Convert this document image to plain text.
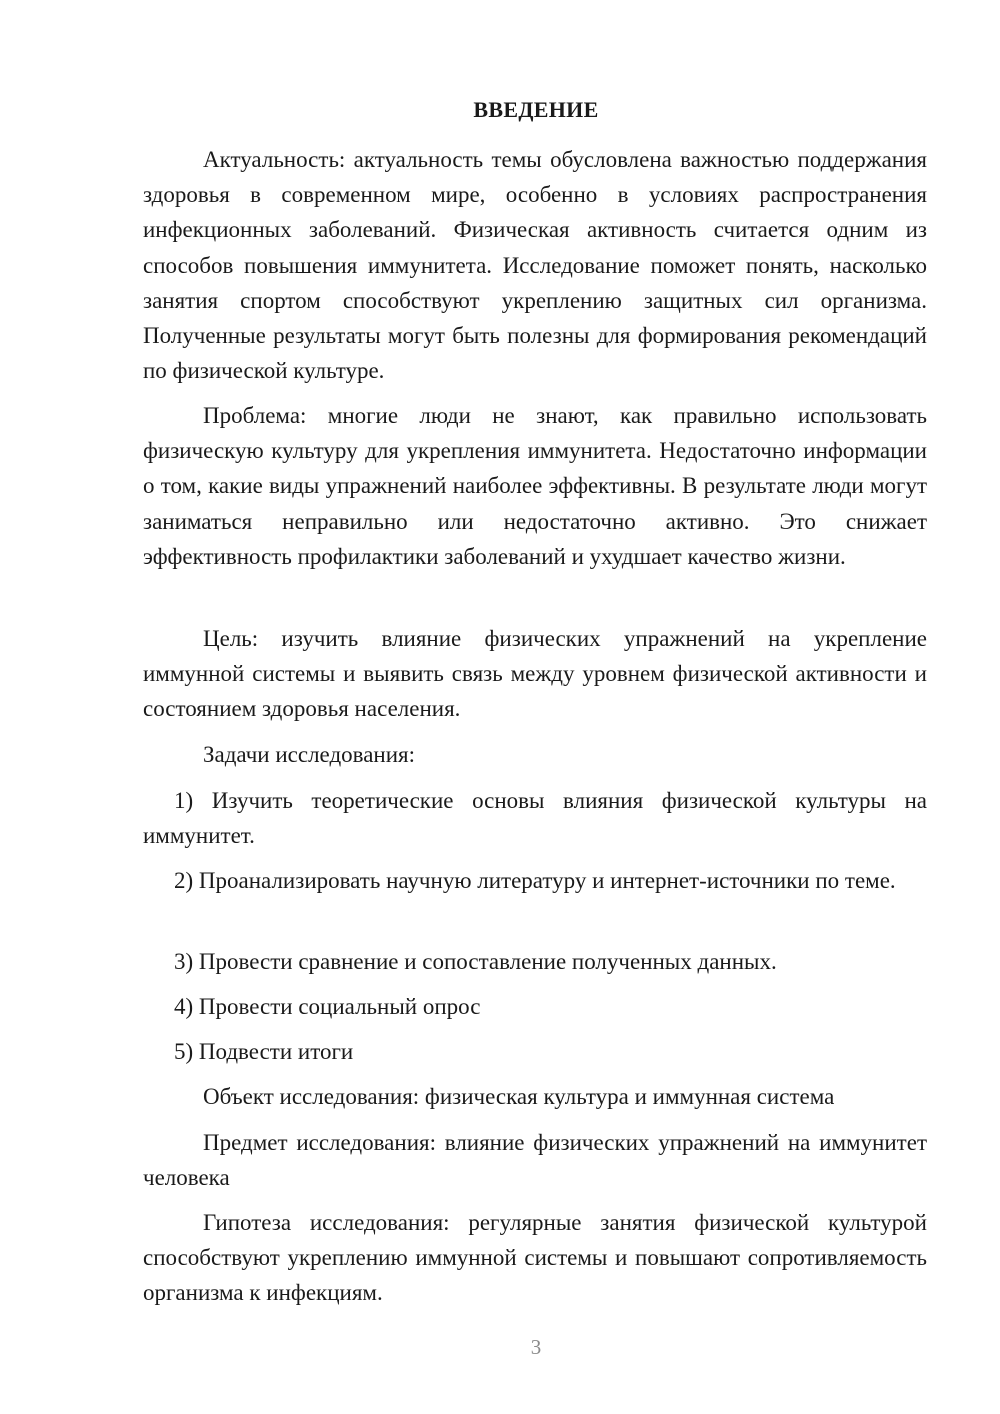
ВВЕДЕНИЕ

Актуальность: актуальность темы обусловлена важностью поддержания здоровья в современном мире, особенно в условиях распространения инфекционных заболеваний. Физическая активность считается одним из способов повышения иммунитета. Исследование поможет понять, насколько занятия спортом способствуют укреплению защитных сил организма. Полученные результаты могут быть полезны для формирования рекомендаций по физической культуре.

Проблема: многие люди не знают, как правильно использовать физическую культуру для укрепления иммунитета. Недостаточно информации о том, какие виды упражнений наиболее эффективны. В результате люди могут заниматься неправильно или недостаточно активно. Это снижает эффективность профилактики заболеваний и ухудшает качество жизни.

Цель: изучить влияние физических упражнений на укрепление иммунной системы и выявить связь между уровнем физической активности и состоянием здоровья населения.

Задачи исследования:

1) Изучить теоретические основы влияния физической культуры на иммунитет.

2) Проанализировать научную литературу и интернет-источники по теме.

3) Провести сравнение и сопоставление полученных данных.

4) Провести социальный опрос

5) Подвести итоги

Объект исследования: физическая культура и иммунная система

Предмет исследования: влияние физических упражнений на иммунитет человека

Гипотеза исследования: регулярные занятия физической культурой способствуют укреплению иммунной системы и повышают сопротивляемость организма к инфекциям.

3
